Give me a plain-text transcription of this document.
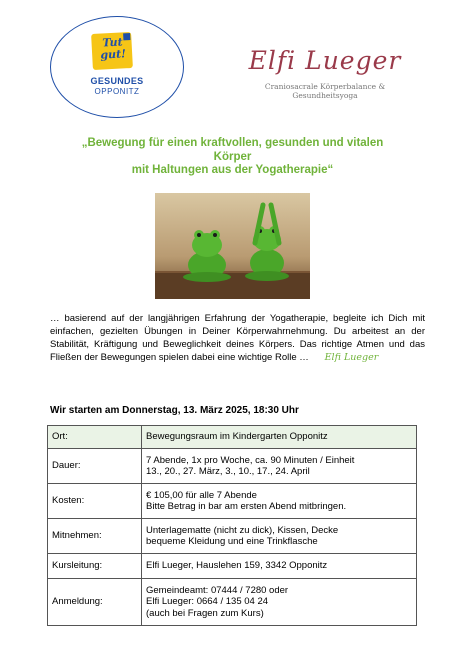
Tut
gut!
GESUNDES
OPPONITZ
Elfi Lueger
Craniosacrale Körperbalance &
Gesundheitsyoga
„Bewegung für einen kraftvollen, gesunden und vitalen
Körper
mit Haltungen aus der Yogatherapie“
… basierend auf der langjährigen Erfahrung der Yogatherapie, begleite ich Dich mit einfachen, gezielten Übungen in Deiner Körperwahrnehmung. Du arbeitest an der Stabilität, Kräftigung und Beweglichkeit deines Körpers. Das richtige Atmen und das Fließen der Bewegungen spielen dabei eine wichtige Rolle … Elfi Lueger
Wir starten am Donnerstag, 13. März 2025, 18:30 Uhr
Ort:	Bewegungsraum im Kindergarten Opponitz
Dauer:	7 Abende, 1x pro Woche, ca. 90 Minuten / Einheit
13., 20., 27. März, 3., 10., 17., 24. April
Kosten:	€ 105,00 für alle 7 Abende
Bitte Betrag in bar am ersten Abend mitbringen.
Mitnehmen:	Unterlagematte (nicht zu dick), Kissen, Decke
bequeme Kleidung und eine Trinkflasche
Kursleitung:	Elfi Lueger, Hauslehen 159, 3342 Opponitz
Anmeldung:	Gemeindeamt: 07444 / 7280 oder
Elfi Lueger: 0664 / 135 04 24
(auch bei Fragen zum Kurs)
